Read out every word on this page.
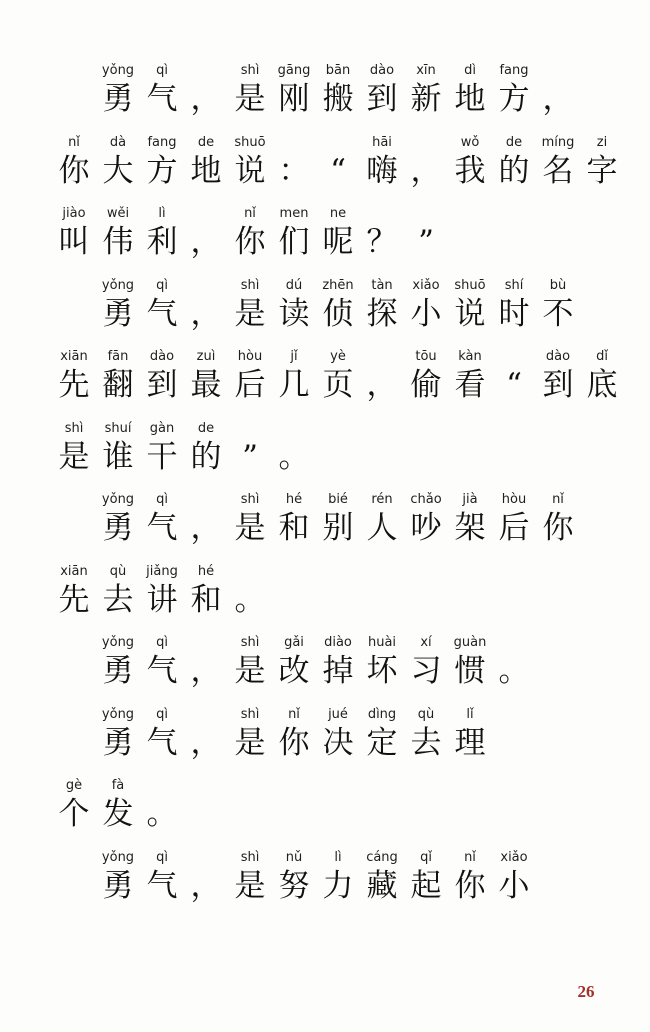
yǒng
勇
qì
气 ，
shì
是
gāng
刚
bān
搬
dào
到
xīn
新
dì
地
fang
方 ，
nǐ
你
dà
大
fang
方
de
地
shuō
说 ： “
hāi
嗨 ，
wǒ
我
de
的
míng
名
zi
字
jiào
叫
wěi
伟
lì
利 ，
nǐ
你
men
们
ne
呢 ？ ”
yǒng
勇
qì
气 ，
shì
是
dú
读
zhēn
侦
tàn
探
xiǎo
小
shuō
说
shí
时
bù
不
xiān
先
fān
翻
dào
到
zuì
最
hòu
后
jǐ
几
yè
页 ，
tōu
偷
kàn
看 “
dào
到
dǐ
底
shì
是
shuí
谁
gàn
干
de
的 ” 。
yǒng
勇
qì
气 ，
shì
是
hé
和
bié
别
rén
人
chǎo
吵
jià
架
hòu
后
nǐ
你
xiān
先
qù
去
jiǎng
讲
hé
和 。
yǒng
勇
qì
气 ，
shì
是
gǎi
改
diào
掉
huài
坏
xí
习
guàn
惯 。
yǒng
勇
qì
气 ，
shì
是
nǐ
你
jué
决
dìng
定
qù
去
lǐ
理
gè
个
fà
发 。
yǒng
勇
qì
气 ，
shì
是
nǔ
努
lì
力
cáng
藏
qǐ
起
nǐ
你
xiǎo
小
26
